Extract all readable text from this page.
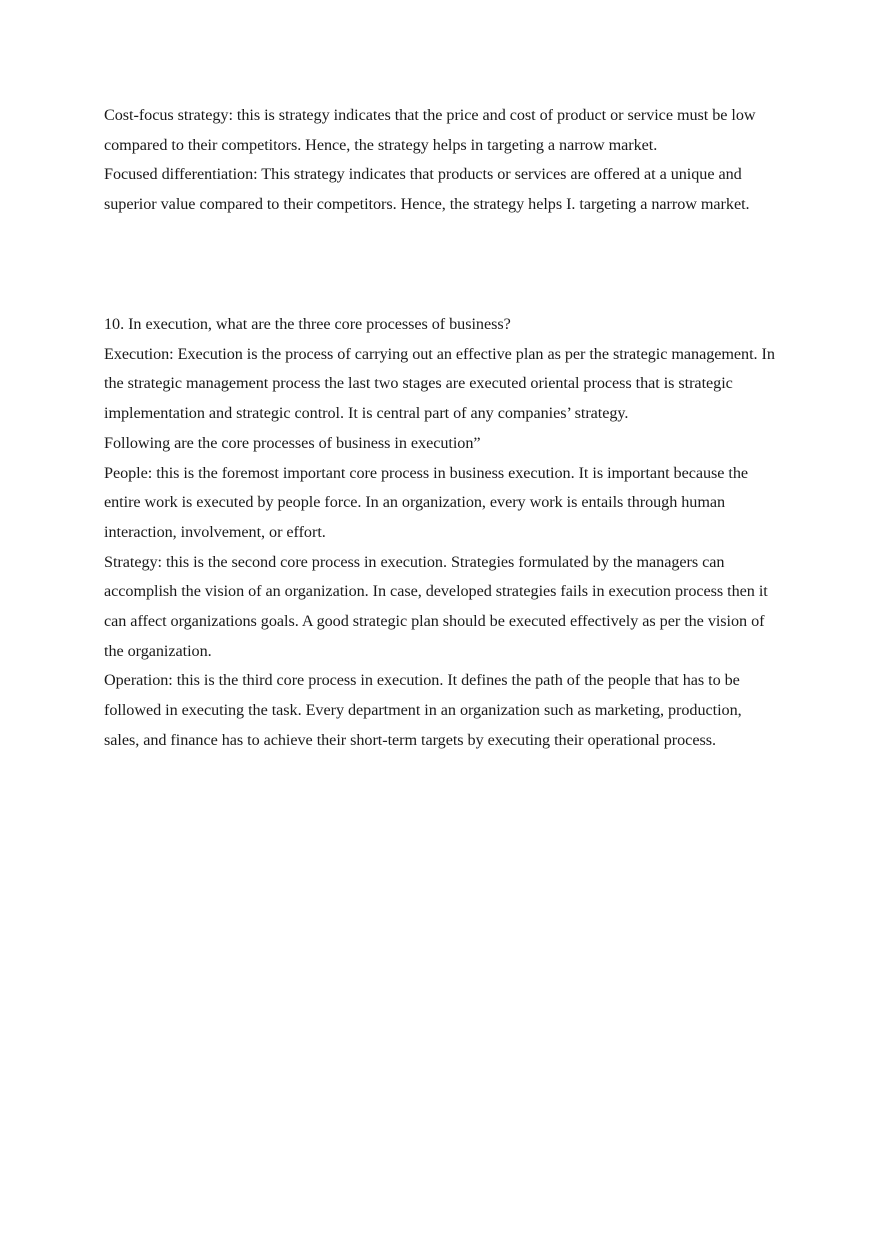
Cost-focus strategy: this is strategy indicates that the price and cost of product or service must be low compared to their competitors. Hence, the strategy helps in targeting a narrow market.

Focused differentiation: This strategy indicates that products or services are offered at a unique and superior value compared to their competitors. Hence, the strategy helps I. targeting a narrow market.

10. In execution, what are the three core processes of business?

Execution: Execution is the process of carrying out an effective plan as per the strategic management. In the strategic management process the last two stages are executed oriental process that is strategic implementation and strategic control. It is central part of any companies’ strategy.

Following are the core processes of business in execution”

People: this is the foremost important core process in business execution. It is important because the entire work is executed by people force. In an organization, every work is entails through human interaction, involvement, or effort.

Strategy: this is the second core process in execution. Strategies formulated by the managers can accomplish the vision of an organization. In case, developed strategies fails in execution process then it can affect organizations goals. A good strategic plan should be executed effectively as per the vision of the organization.

Operation: this is the third core process in execution. It defines the path of the people that has to be followed in executing the task. Every department in an organization such as marketing, production, sales, and finance has to achieve their short-term targets by executing their operational process.
